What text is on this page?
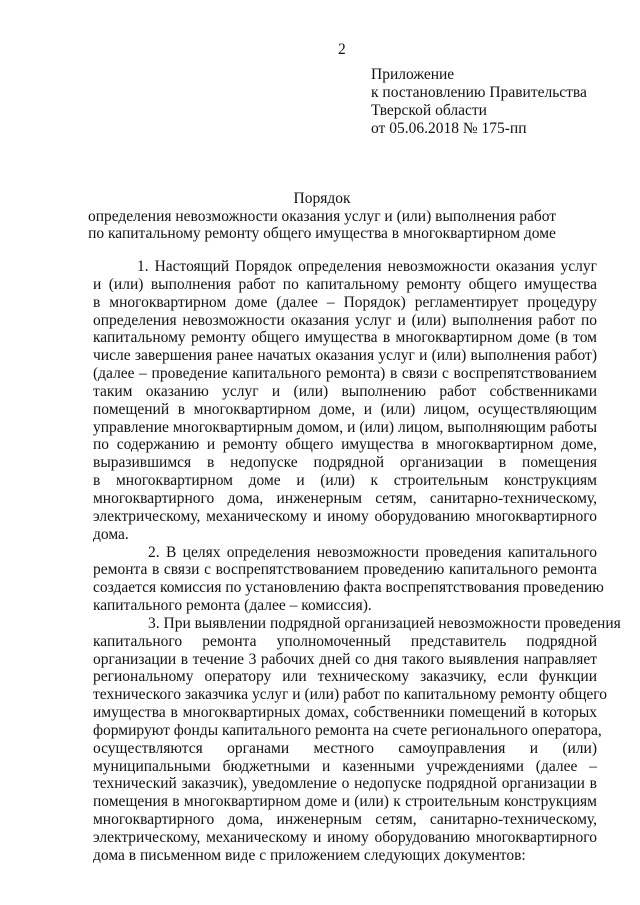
2
Приложение
к постановлению Правительства
Тверской области
от 05.06.2018 № 175-пп
Порядок
определения невозможности оказания услуг и (или) выполнения работ
по капитальному ремонту общего имущества в многоквартирном доме
1. Настоящий Порядок определения невозможности оказания услуг
и (или) выполнения работ по капитальному ремонту общего имущества
в многоквартирном доме (далее – Порядок) регламентирует процедуру
определения невозможности оказания услуг и (или) выполнения работ по
капитальному ремонту общего имущества в многоквартирном доме (в том
числе завершения ранее начатых оказания услуг и (или) выполнения работ)
(далее – проведение капитального ремонта) в связи с воспрепятствованием
таким оказанию услуг и (или) выполнению работ собственниками
помещений в многоквартирном доме, и (или) лицом, осуществляющим
управление многоквартирным домом, и (или) лицом, выполняющим работы
по содержанию и ремонту общего имущества в многоквартирном доме,
выразившимся в недопуске подрядной организации в помещения
в многоквартирном доме и (или) к строительным конструкциям
многоквартирного дома, инженерным сетям, санитарно-техническому,
электрическому, механическому и иному оборудованию многоквартирного
дома.
2. В целях определения невозможности проведения капитального
ремонта в связи с воспрепятствованием проведению капитального ремонта
создается комиссия по установлению факта воспрепятствования проведению
капитального ремонта (далее – комиссия).
3. При выявлении подрядной организацией невозможности проведения
капитального ремонта уполномоченный представитель подрядной
организации в течение 3 рабочих дней со дня такого выявления направляет
региональному оператору или техническому заказчику, если функции
технического заказчика услуг и (или) работ по капитальному ремонту общего
имущества в многоквартирных домах, собственники помещений в которых
формируют фонды капитального ремонта на счете регионального оператора,
осуществляются органами местного самоуправления и (или)
муниципальными бюджетными и казенными учреждениями (далее –
технический заказчик), уведомление о недопуске подрядной организации в
помещения в многоквартирном доме и (или) к строительным конструкциям
многоквартирного дома, инженерным сетям, санитарно-техническому,
электрическому, механическому и иному оборудованию многоквартирного
дома в письменном виде с приложением следующих документов:
